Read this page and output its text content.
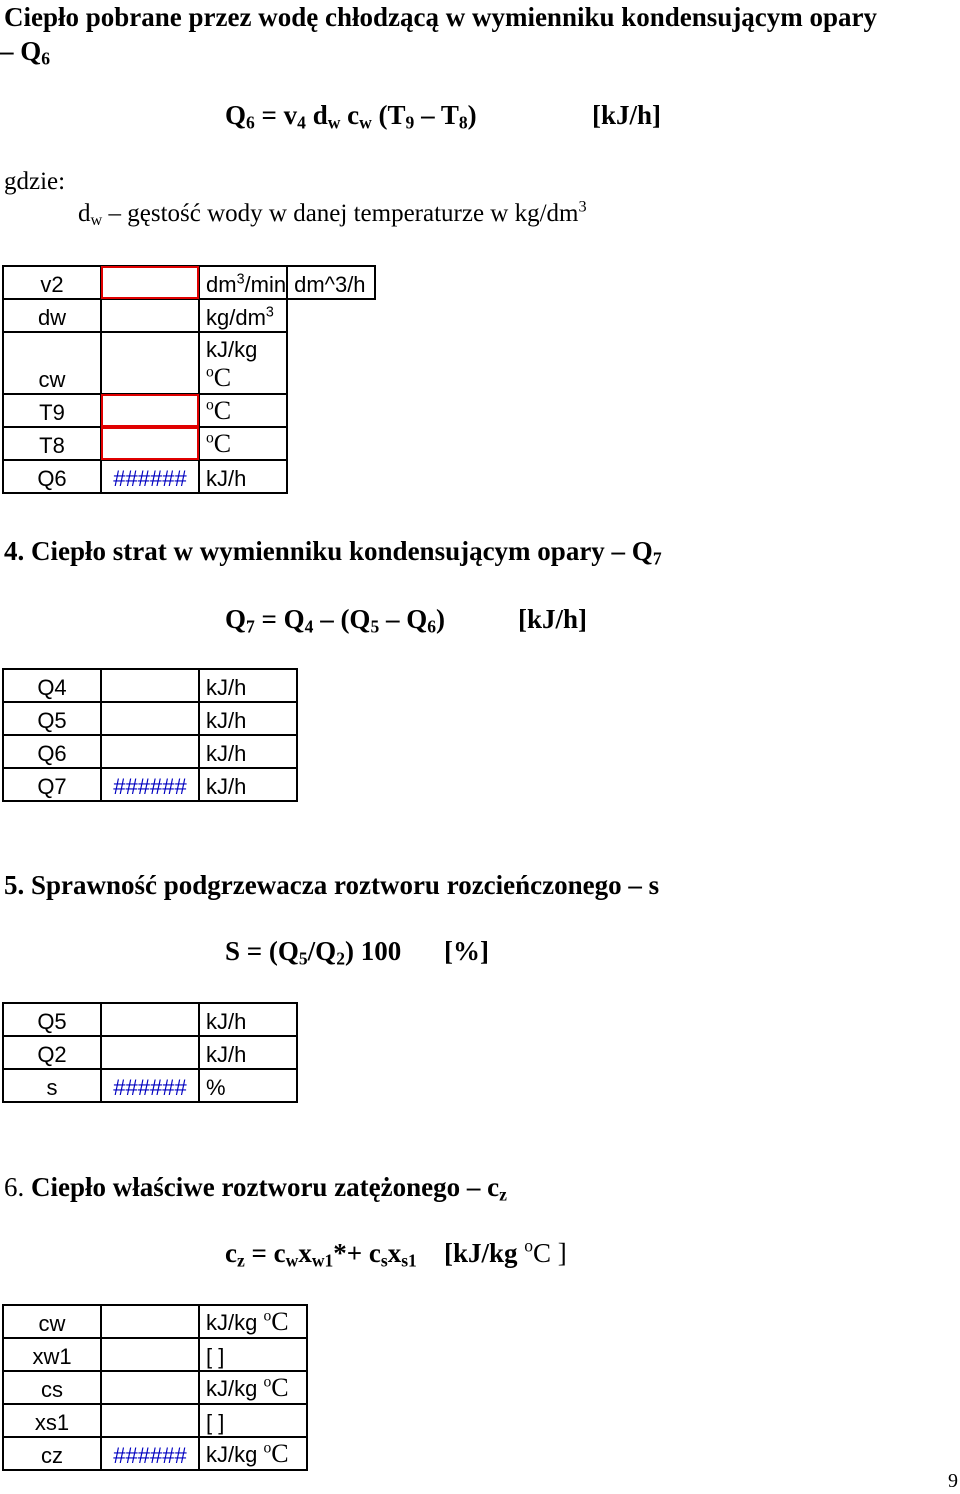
Ciepło pobrane przez wodę chłodzącą w wymienniku kondensującym opary
– $Q_6$
$Q_6 = v_4$ $d_w$ $c_w$ $(T_9 - T_8)$	[kJ/h]
gdzie:
$d_w$ – gęstość wody w danej temperaturze w $kg/dm^3$
v2		$dm^3/\min$	dm^3/h
dw		$kg/dm^3$	
cw		kJ/kg
$^o$C	
T9		$^o$C	
T8		$^o$C	
Q6	######	kJ/h	
4. Ciepło strat w wymienniku kondensującym opary – $Q_7$
$Q_7 = Q_4 - (Q_5 - Q_6)$	[kJ/h]
Q4		kJ/h
Q5		kJ/h
Q6		kJ/h
Q7	######	kJ/h
5. Sprawność podgrzewacza roztworu rozcieńczonego – s
$S = (Q_5/Q_2)$ 100 [%]
Q5		kJ/h
Q2		kJ/h
s	######	%
6. Ciepło właściwe roztworu zatężonego – $c_z$
$c_z = c_wx_{w1}*+ c_sx_{s1}$ [kJ/kg $^o$C ]
cw		kJ/kg $^o$C
xw1		[ ]
cs		kJ/kg $^o$C
xs1		[ ]
cz	######	kJ/kg $^o$C
9
